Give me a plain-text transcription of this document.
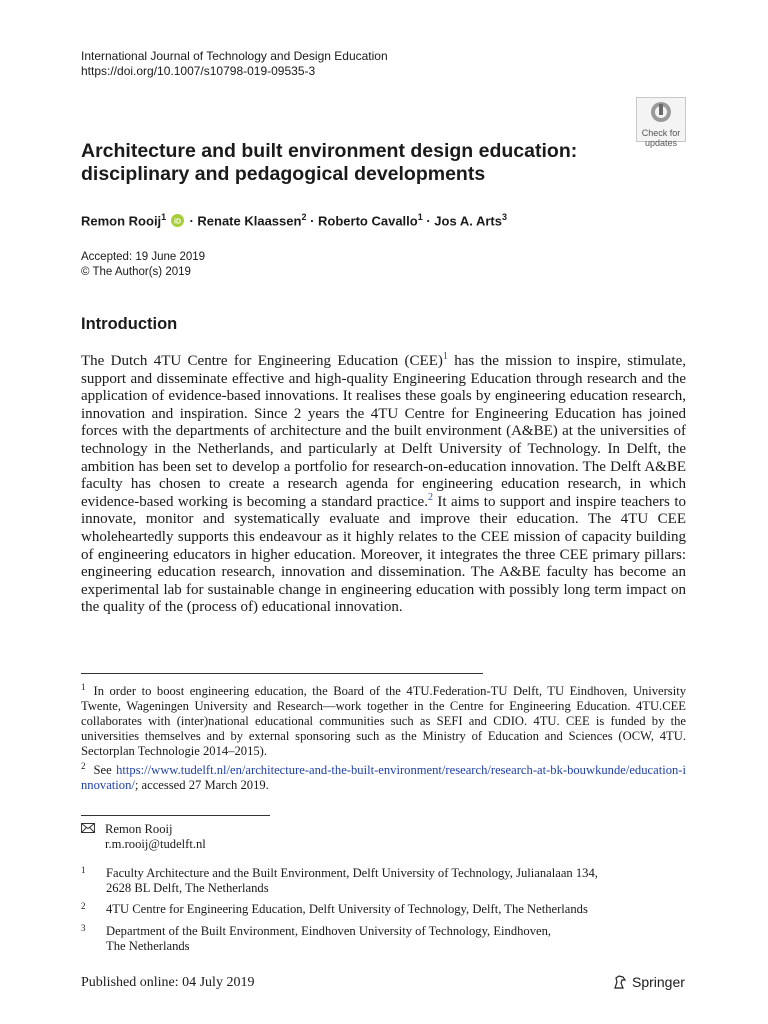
International Journal of Technology and Design Education
https://doi.org/10.1007/s10798-019-09535-3
Check for
updates
Architecture and built environment design education:
disciplinary and pedagogical developments
Remon Rooij$^1$
iD · Renate Klaassen$^2$ · Roberto Cavallo$^1$ · Jos A. Arts$^3$
Accepted: 19 June 2019
© The Author(s) 2019
Introduction
The Dutch 4TU Centre for Engineering Education (CEE)$^1$ has the mission to inspire, stimulate, support and disseminate effective and high-quality Engineering Education through research and the application of evidence-based innovations. It realises these goals by engineering education research, innovation and inspiration. Since 2 years the 4TU Centre for Engineering Education has joined forces with the departments of architecture and the built environment (A&BE) at the universities of technology in the Netherlands, and particularly at Delft University of Technology. In Delft, the ambition has been set to develop a portfolio for research-on-education innovation. The Delft A&BE faculty has chosen to create a research agenda for engineering education research, in which evidence-based working is becoming a standard practice.$^2$ It aims to support and inspire teachers to innovate, monitor and systematically evaluate and improve their education. The 4TU CEE wholeheartedly supports this endeavour as it highly relates to the CEE mission of capacity building of engineering educators in higher education. Moreover, it integrates the three CEE primary pillars: engineering education research, innovation and dissemination. The A&BE faculty has become an experimental lab for sustainable change in engineering education with possibly long term impact on the quality of the (process of) educational innovation.
$^1$ In order to boost engineering education, the Board of the 4TU.Federation-TU Delft, TU Eindhoven, University Twente, Wageningen University and Research—work together in the Centre for Engineering Education. 4TU.CEE collaborates with (inter)national educational communities such as SEFI and CDIO. 4TU. CEE is funded by the universities themselves and by external sponsoring such as the Ministry of Education and Sciences (OCW, 4TU. Sectorplan Technologie 2014–2015).
$^2$ See https://www.tudelft.nl/en/architecture-and-the-built-environment/research/research-at-bk-bouwkunde/education-innovation/; accessed 27 March 2019.
Remon Rooij
r.m.rooij@tudelft.nl
1 Faculty Architecture and the Built Environment, Delft University of Technology, Julianalaan 134,
2628 BL Delft, The Netherlands
2 4TU Centre for Engineering Education, Delft University of Technology, Delft, The Netherlands
3 Department of the Built Environment, Eindhoven University of Technology, Eindhoven,
The Netherlands
Published online: 04 July 2019	Springer
